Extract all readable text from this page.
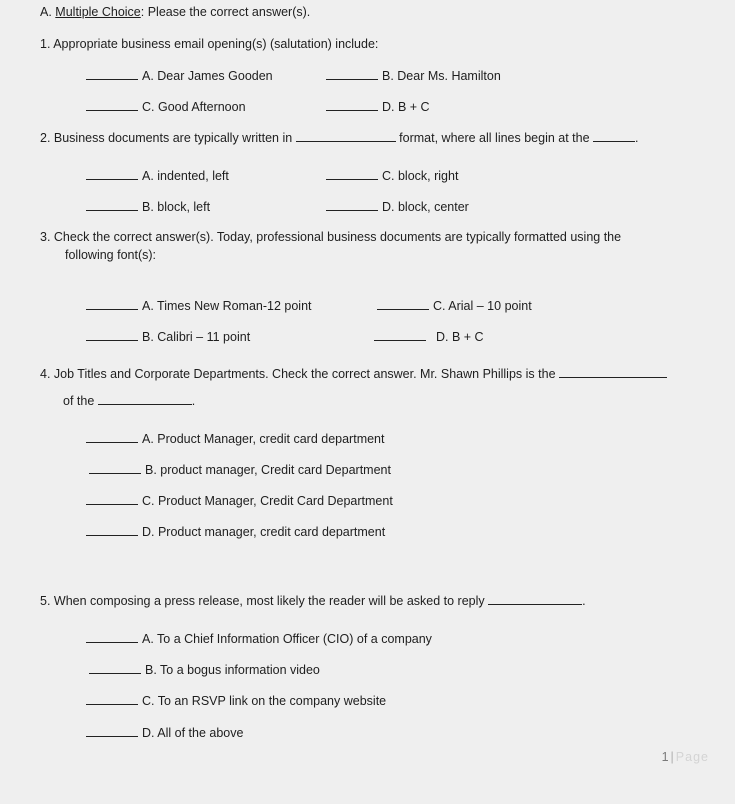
A. Multiple Choice: Please the correct answer(s).
1. Appropriate business email opening(s) (salutation) include:
A. Dear James Gooden	B. Dear Ms. Hamilton
C. Good Afternoon	D. B + C
2. Business documents are typically written in	format, where all lines begin at the	.
A. indented, left	C. block, right
B. block, left	D. block, center
3. Check the correct answer(s). Today, professional business documents are typically formatted using the
following font(s):
A. Times New Roman-12 point	C. Arial – 10 point
B. Calibri – 11 point	D. B + C
4. Job Titles and Corporate Departments. Check the correct answer. Mr. Shawn Phillips is the
of the	.
A. Product Manager, credit card department
B. product manager, Credit card Department
C. Product Manager, Credit Card Department
D. Product manager, credit card department
5. When composing a press release, most likely the reader will be asked to reply	.
A. To a Chief Information Officer (CIO) of a company
B. To a bogus information video
C. To an RSVP link on the company website
D. All of the above
1 | Page
